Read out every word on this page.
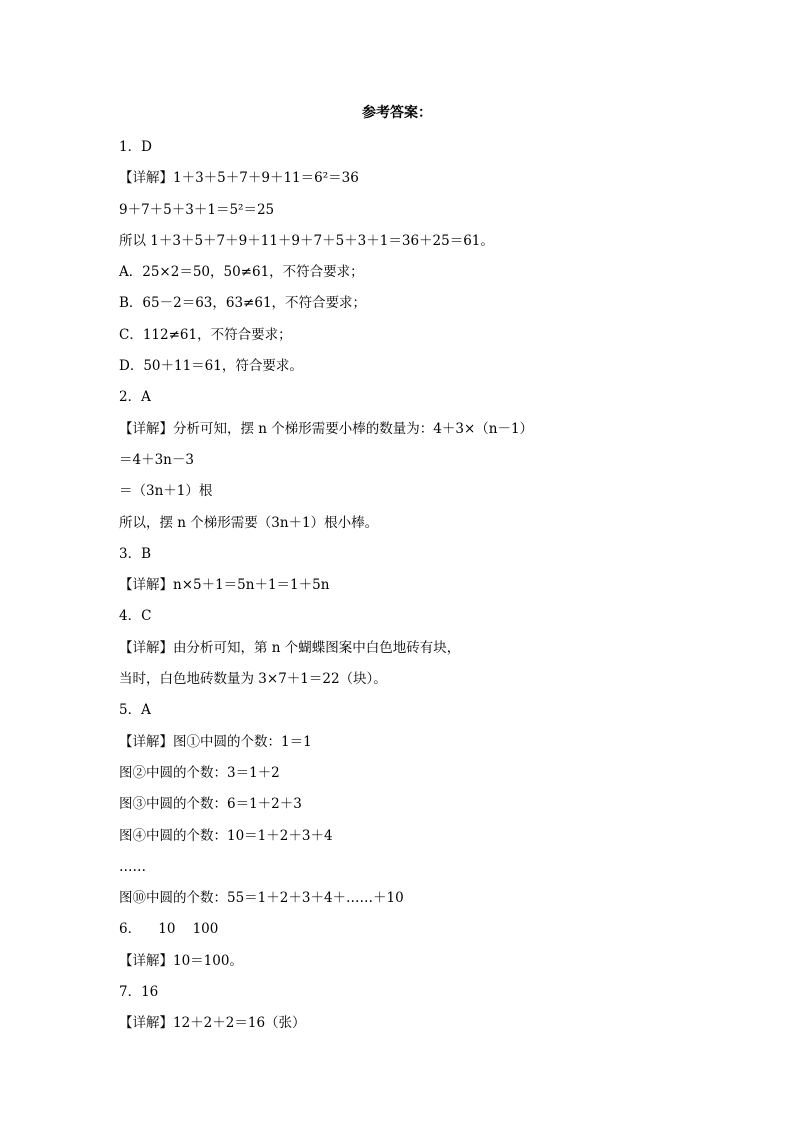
参考答案：
1．D
【详解】1＋3＋5＋7＋9＋11＝6²＝36
9＋7＋5＋3＋1＝5²＝25
所以 1＋3＋5＋7＋9＋11＋9＋7＋5＋3＋1＝36＋25＝61。
A．25×2＝50，50≠61，不符合要求；
B．65－2＝63，63≠61，不符合要求；
C．112≠61，不符合要求；
D．50＋11＝61，符合要求。
2．A
【详解】分析可知，摆 n 个梯形需要小棒的数量为：4＋3×（n－1）
＝4＋3n－3
＝（3n＋1）根
所以，摆 n 个梯形需要（3n＋1）根小棒。
3．B
【详解】n×5＋1＝5n＋1＝1＋5n
4．C
【详解】由分析可知，第 n 个蝴蝶图案中白色地砖有块，
当时，白色地砖数量为 3×7＋1＝22（块）。
5．A
【详解】图①中圆的个数：1＝1
图②中圆的个数：3＝1＋2
图③中圆的个数：6＝1＋2＋3
图④中圆的个数：10＝1＋2＋3＋4
……
图⑩中圆的个数：55＝1＋2＋3＋4＋……＋10
6．    10    100
【详解】10＝100。
7．16
【详解】12＋2＋2＝16（张）
